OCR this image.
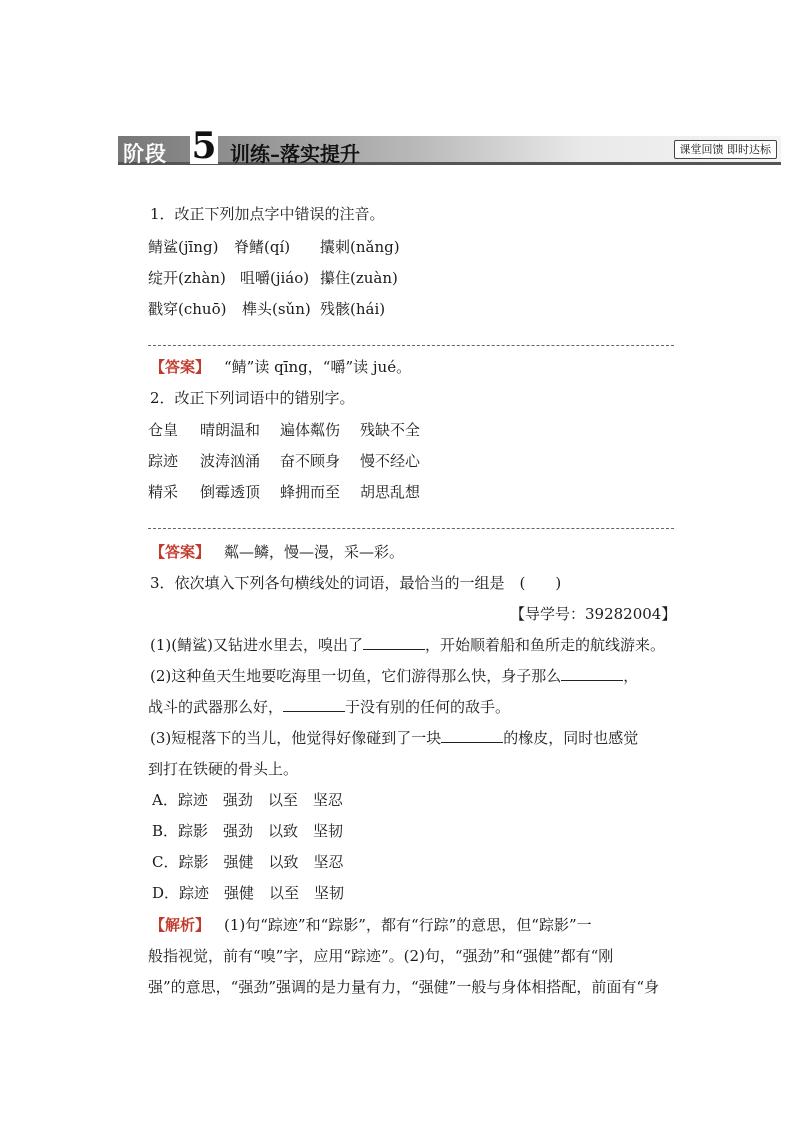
阶段 5 训练–落实提升	课堂回馈 即时达标
1．改正下列加点字中错误的注音。
鲭鲨(jīng) 脊鳍(qí) 攮刺(nǎng)
绽开(zhàn) 咀嚼(jiáo) 攥住(zuàn)
戳穿(chuō) 榫头(sǔn) 残骸(hái)
【答案】 “鲭”读 qīng，“嚼”读 jué。
2．改正下列词语中的错别字。
仓皇 晴朗温和 遍体粼伤 残缺不全
踪迹 波涛汹涌 奋不顾身 慢不经心
精采 倒霉透顶 蜂拥而至 胡思乱想
【答案】 粼—鳞，慢—漫，采—彩。
3．依次填入下列各句横线处的词语，最恰当的一组是　(　　)
【导学号：39282004】
(1)(鲭鲨)又钻进水里去，嗅出了	，开始顺着船和鱼所走的航线游来。
(2)这种鱼天生地要吃海里一切鱼，它们游得那么快，身子那么	，
战斗的武器那么好，	于没有别的任何的敌手。
(3)短棍落下的当儿，他觉得好像碰到了一块	的橡皮，同时也感觉
到打在铁硬的骨头上。
A．踪迹　强劲　以至　坚忍
B．踪影　强劲　以致　坚韧
C．踪影　强健　以致　坚忍
D．踪迹　强健　以至　坚韧
【解析】 (1)句“踪迹”和“踪影”，都有“行踪”的意思，但“踪影”一
般指视觉，前有“嗅”字，应用“踪迹”。(2)句，“强劲”和“强健”都有“刚
强”的意思，“强劲”强调的是力量有力，“强健”一般与身体相搭配，前面有“身
